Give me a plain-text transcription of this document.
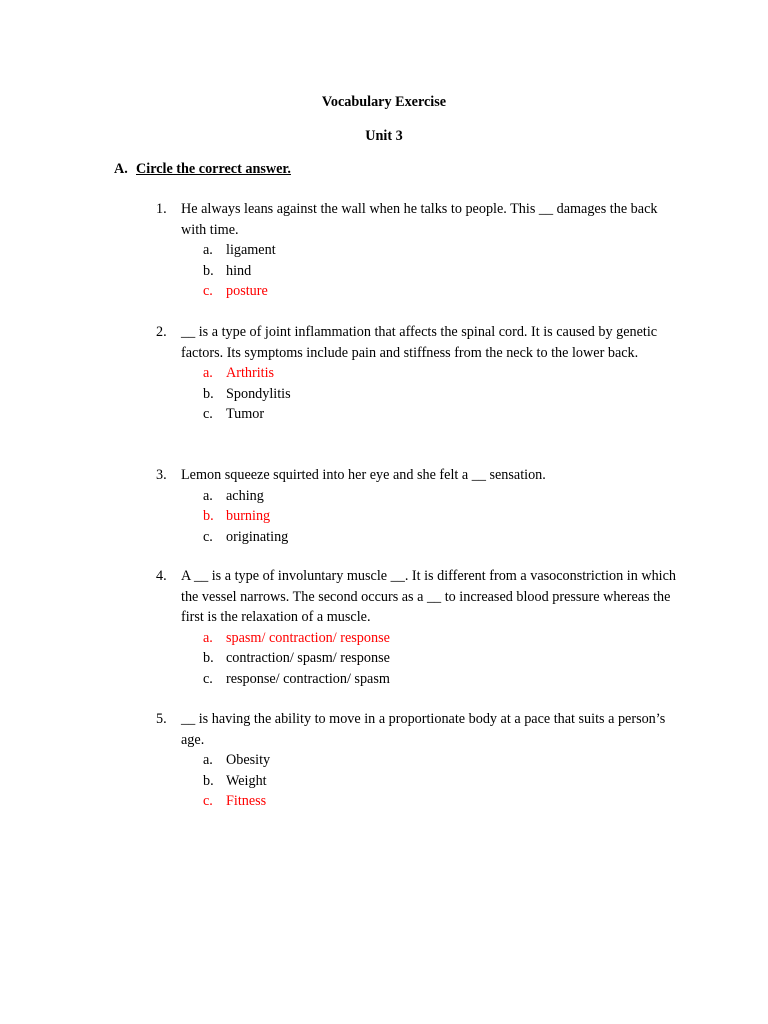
Vocabulary Exercise
Unit 3
A. Circle the correct answer.
1.	He always leans against the wall when he talks to people. This __ damages the back with time.
a. ligament
b. hind
c. posture
2.	__ is a type of joint inflammation that affects the spinal cord. It is caused by genetic factors. Its symptoms include pain and stiffness from the neck to the lower back.
a. Arthritis
b. Spondylitis
c. Tumor
3.	Lemon squeeze squirted into her eye and she felt a __ sensation.
a. aching
b. burning
c. originating
4.	A __ is a type of involuntary muscle __. It is different from a vasoconstriction in which the vessel narrows. The second occurs as a __ to increased blood pressure whereas the first is the relaxation of a muscle.
a. spasm/ contraction/ response
b. contraction/ spasm/ response
c. response/ contraction/ spasm
5.	__ is having the ability to move in a proportionate body at a pace that suits a person’s age.
a. Obesity
b. Weight
c. Fitness
